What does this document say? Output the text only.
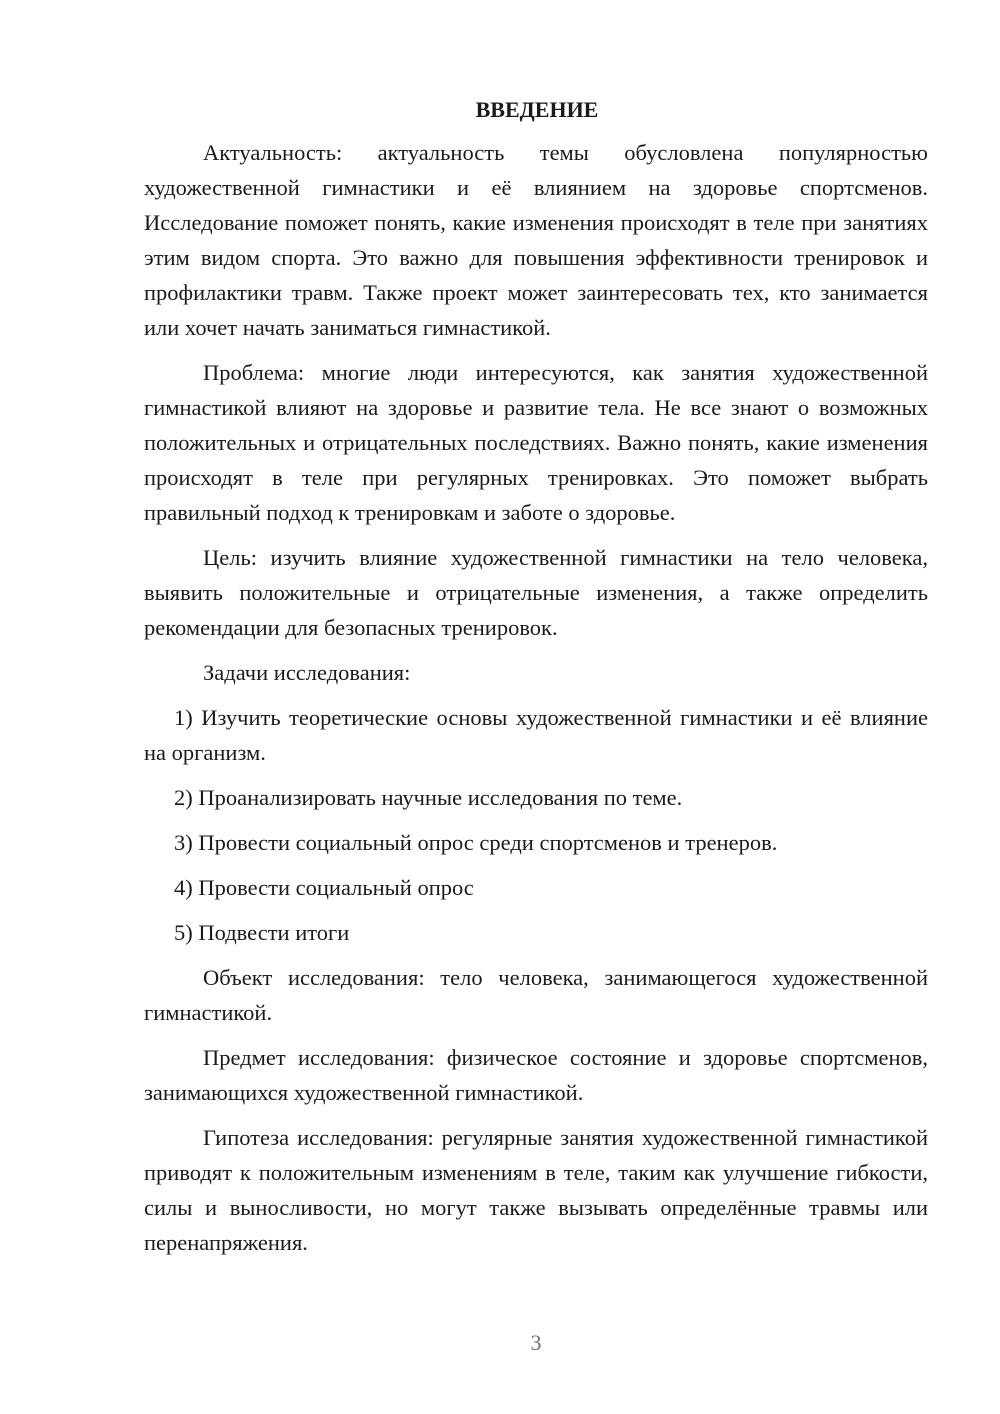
ВВЕДЕНИЕ

Актуальность: актуальность темы обусловлена популярностью художественной гимнастики и её влиянием на здоровье спортсменов. Исследование поможет понять, какие изменения происходят в теле при занятиях этим видом спорта. Это важно для повышения эффективности тренировок и профилактики травм. Также проект может заинтересовать тех, кто занимается или хочет начать заниматься гимнастикой.

Проблема: многие люди интересуются, как занятия художественной гимнастикой влияют на здоровье и развитие тела. Не все знают о возможных положительных и отрицательных последствиях. Важно понять, какие изменения происходят в теле при регулярных тренировках. Это поможет выбрать правильный подход к тренировкам и заботе о здоровье.

Цель: изучить влияние художественной гимнастики на тело человека, выявить положительные и отрицательные изменения, а также определить рекомендации для безопасных тренировок.

Задачи исследования:

1) Изучить теоретические основы художественной гимнастики и её влияние на организм.

2) Проанализировать научные исследования по теме.

3) Провести социальный опрос среди спортсменов и тренеров.

4) Провести социальный опрос

5) Подвести итоги

Объект исследования: тело человека, занимающегося художественной гимнастикой.

Предмет исследования: физическое состояние и здоровье спортсменов, занимающихся художественной гимнастикой.

Гипотеза исследования: регулярные занятия художественной гимнастикой приводят к положительным изменениям в теле, таким как улучшение гибкости, силы и выносливости, но могут также вызывать определённые травмы или перенапряжения.

3
